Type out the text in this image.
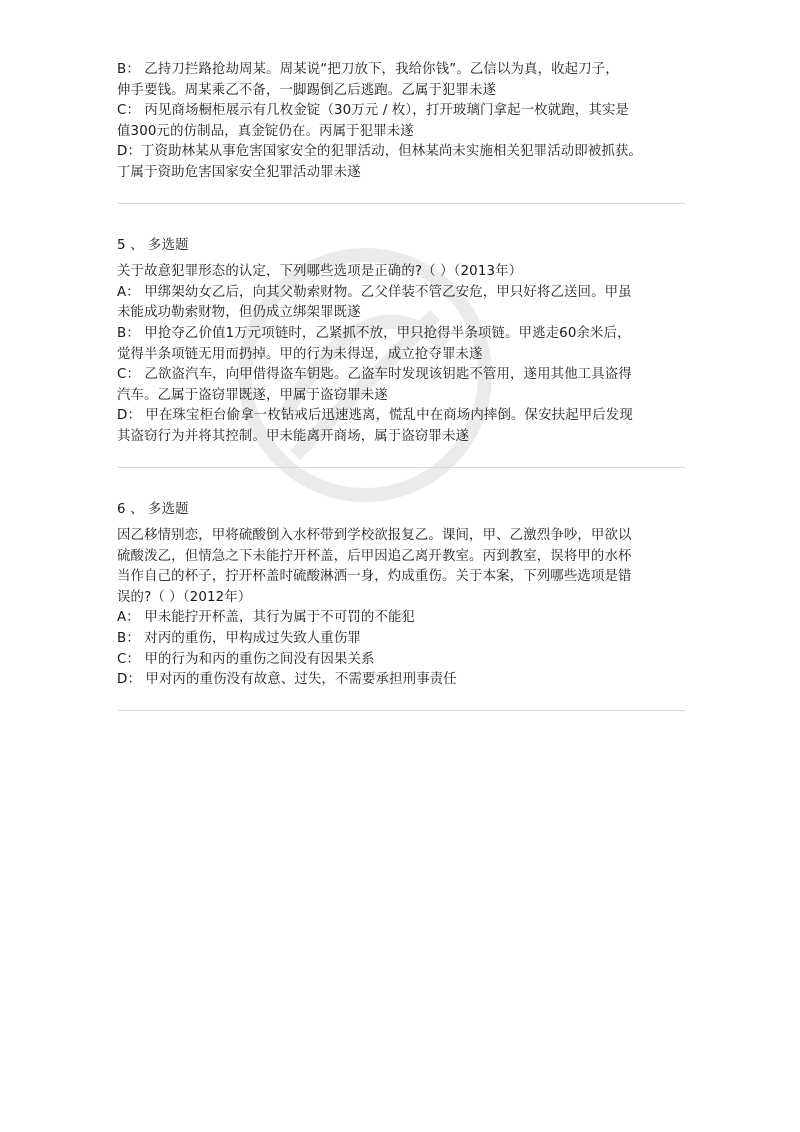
B： 乙持刀拦路抢劫周某。周某说“把刀放下，我给你钱”。乙信以为真，收起刀子，
伸手要钱。周某乘乙不备，一脚踢倒乙后逃跑。乙属于犯罪未遂
C： 丙见商场橱柜展示有几枚金锭（30万元 / 枚），打开玻璃门拿起一枚就跑，其实是
值300元的仿制品，真金锭仍在。丙属于犯罪未遂
D：丁资助林某从事危害国家安全的犯罪活动，但林某尚未实施相关犯罪活动即被抓获。
丁属于资助危害国家安全犯罪活动罪未遂
5 、 多选题
关于故意犯罪形态的认定，下列哪些选项是正确的?（ ）（2013年）
A： 甲绑架幼女乙后，向其父勒索财物。乙父佯装不管乙安危，甲只好将乙送回。甲虽
未能成功勒索财物，但仍成立绑架罪既遂
B： 甲抢夺乙价值1万元项链时，乙紧抓不放，甲只抢得半条项链。甲逃走60余米后，
觉得半条项链无用而扔掉。甲的行为未得逞，成立抢夺罪未遂
C： 乙欲盗汽车，向甲借得盗车钥匙。乙盗车时发现该钥匙不管用，遂用其他工具盗得
汽车。乙属于盗窃罪既遂，甲属于盗窃罪未遂
D： 甲在珠宝柜台偷拿一枚钻戒后迅速逃离，慌乱中在商场内摔倒。保安扶起甲后发现
其盗窃行为并将其控制。甲未能离开商场，属于盗窃罪未遂
6 、 多选题
因乙移情别恋，甲将硫酸倒入水杯带到学校欲报复乙。课间，甲、乙激烈争吵，甲欲以
硫酸泼乙，但情急之下未能拧开杯盖，后甲因追乙离开教室。丙到教室，误将甲的水杯
当作自己的杯子，拧开杯盖时硫酸淋洒一身，灼成重伤。关于本案，下列哪些选项是错
误的?（ ）（2012年）
A： 甲未能拧开杯盖，其行为属于不可罚的不能犯
B： 对丙的重伤，甲构成过失致人重伤罪
C： 甲的行为和丙的重伤之间没有因果关系
D： 甲对丙的重伤没有故意、过失，不需要承担刑事责任
